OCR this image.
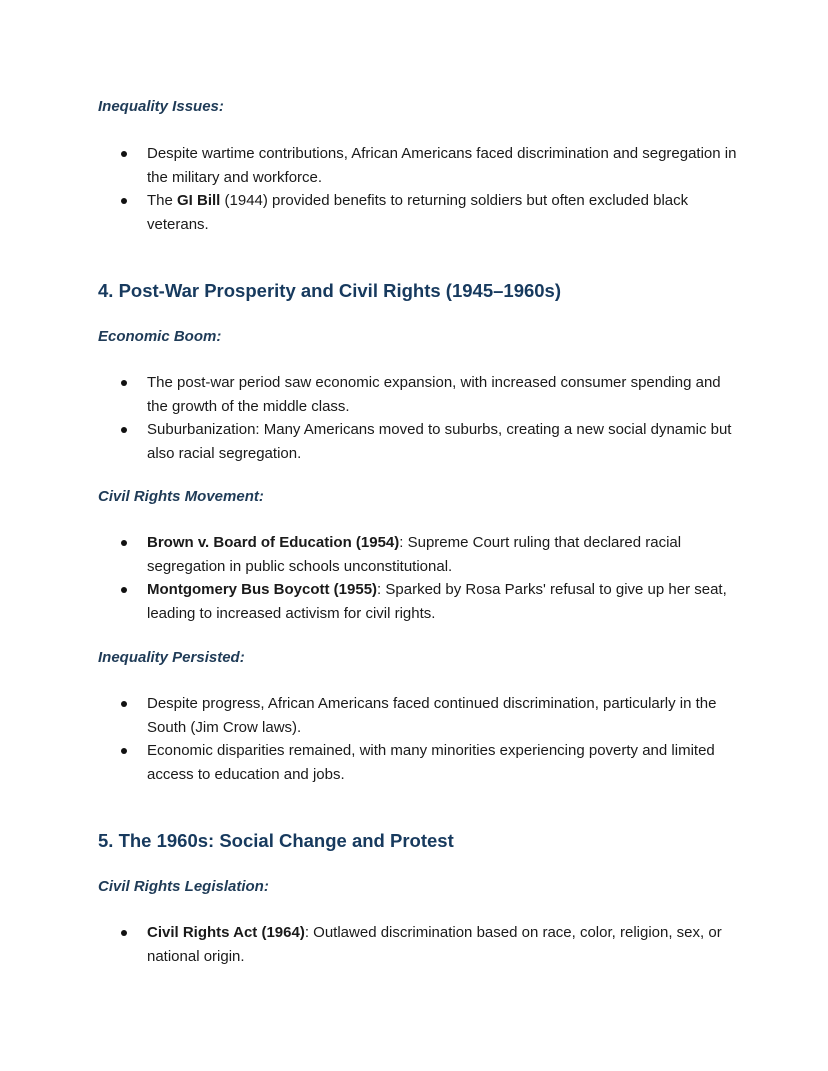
Inequality Issues:
Despite wartime contributions, African Americans faced discrimination and segregation in the military and workforce.
The GI Bill (1944) provided benefits to returning soldiers but often excluded black veterans.
4. Post-War Prosperity and Civil Rights (1945–1960s)
Economic Boom:
The post-war period saw economic expansion, with increased consumer spending and the growth of the middle class.
Suburbanization: Many Americans moved to suburbs, creating a new social dynamic but also racial segregation.
Civil Rights Movement:
Brown v. Board of Education (1954): Supreme Court ruling that declared racial segregation in public schools unconstitutional.
Montgomery Bus Boycott (1955): Sparked by Rosa Parks' refusal to give up her seat, leading to increased activism for civil rights.
Inequality Persisted:
Despite progress, African Americans faced continued discrimination, particularly in the South (Jim Crow laws).
Economic disparities remained, with many minorities experiencing poverty and limited access to education and jobs.
5. The 1960s: Social Change and Protest
Civil Rights Legislation:
Civil Rights Act (1964): Outlawed discrimination based on race, color, religion, sex, or national origin.
